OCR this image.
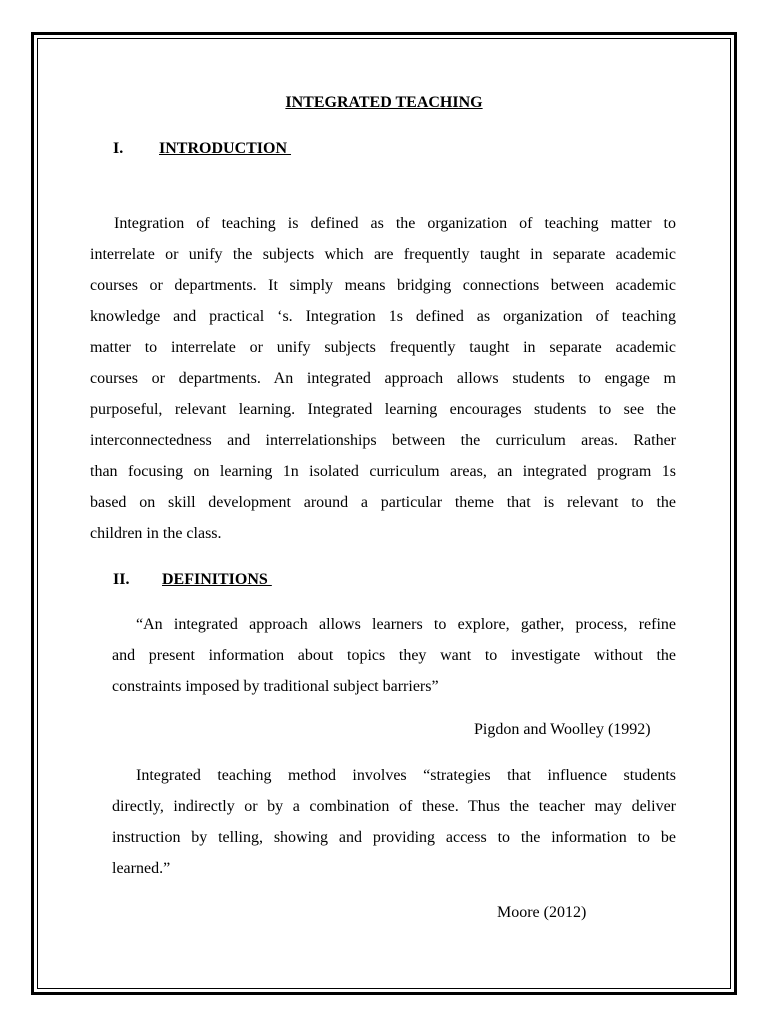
INTEGRATED TEACHING
I. INTRODUCTION
Integration of teaching is defined as the organization of teaching matter to
interrelate or unify the subjects which are frequently taught in separate academic
courses or departments. It simply means bridging connections between academic
knowledge and practical ‘s. Integration 1s defined as organization of teaching
matter to interrelate or unify subjects frequently taught in separate academic
courses or departments. An integrated approach allows students to engage m
purposeful, relevant learning. Integrated learning encourages students to see the
interconnectedness and interrelationships between the curriculum areas. Rather
than focusing on learning 1n isolated curriculum areas, an integrated program 1s
based on skill development around a particular theme that is relevant to the
children in the class.
II. DEFINITIONS
“An integrated approach allows learners to explore, gather, process, refine
and present information about topics they want to investigate without the
constraints imposed by traditional subject barriers”

Pigdon and Woolley (1992)

Integrated teaching method involves “strategies that influence students
directly, indirectly or by a combination of these. Thus the teacher may deliver
instruction by telling, showing and providing access to the information to be
learned.”

Moore (2012)
